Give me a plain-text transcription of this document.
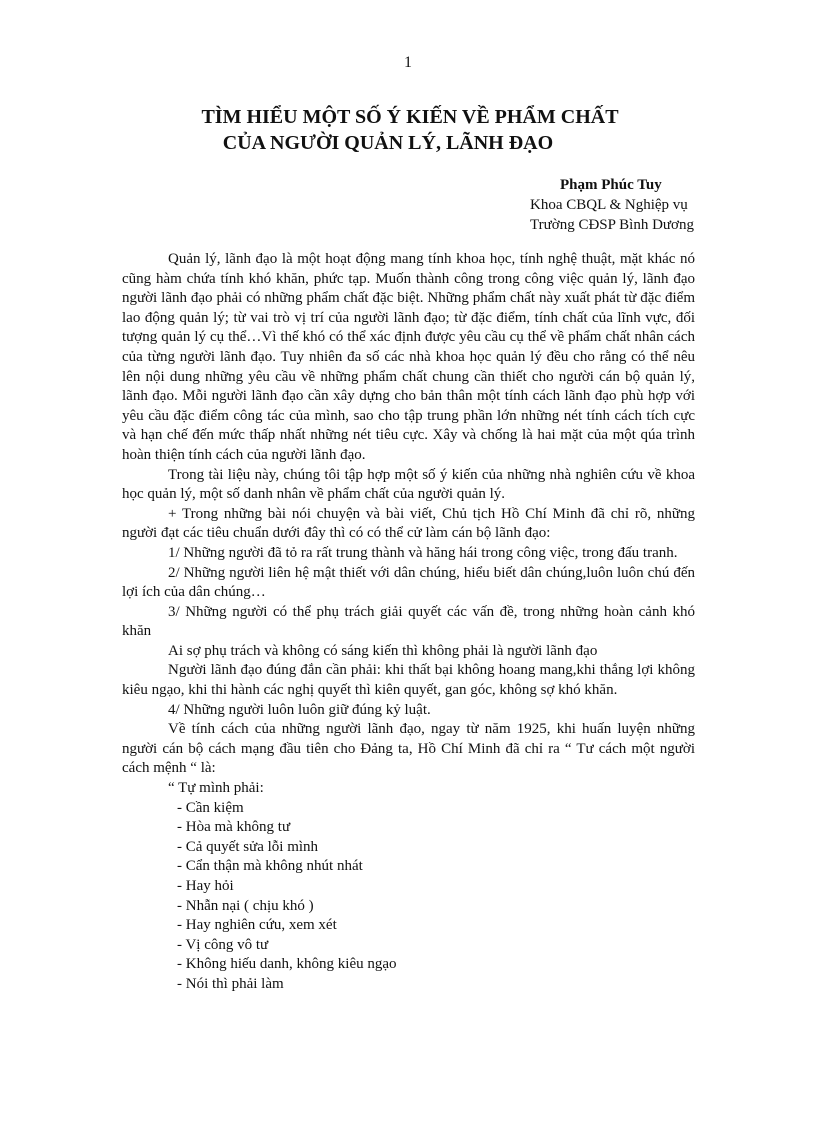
1
TÌM HIỂU MỘT SỐ Ý KIẾN VỀ PHẨM CHẤT
CỦA NGƯỜI QUẢN LÝ, LÃNH ĐẠO
Phạm Phúc Tuy
Khoa CBQL & Nghiệp vụ
Trường CĐSP Bình Dương

Quản lý, lãnh đạo là một hoạt động mang tính khoa học, tính nghệ thuật, mặt khác nó cũng hàm chứa tính khó khăn, phức tạp. Muốn thành công trong công việc quản lý, lãnh đạo người lãnh đạo phải có những phẩm chất đặc biệt. Những phẩm chất này xuất phát từ đặc điểm lao động quản lý; từ vai trò vị trí của người lãnh đạo; từ đặc điểm, tính chất của lĩnh vực, đối tượng quản lý cụ thể…Vì thế khó có thể xác định được yêu cầu cụ thể về phẩm chất nhân cách của từng người lãnh đạo. Tuy nhiên đa số các nhà khoa học quản lý đều cho rằng có thể nêu lên nội dung những yêu cầu về những phẩm chất chung cần thiết cho người cán bộ quản lý, lãnh đạo. Mỗi người lãnh đạo cần xây dựng cho bản thân một tính cách lãnh đạo phù hợp với yêu cầu đặc điểm công tác của mình, sao cho tập trung phần lớn những nét tính cách tích cực và hạn chế đến mức thấp nhất những nét tiêu cực. Xây và chống là hai mặt của một qúa trình hoàn thiện tính cách của người lãnh đạo.

Trong tài liệu này, chúng tôi tập hợp một số ý kiến của những nhà nghiên cứu về khoa học quản lý, một số danh nhân về phẩm chất của người quản lý.

+ Trong những bài nói chuyện và bài viết, Chủ tịch Hồ Chí Minh đã chỉ rõ, những người đạt các tiêu chuẩn dưới đây thì có có thể cử làm cán bộ lãnh đạo:

1/ Những người đã tỏ ra rất trung thành và hăng hái trong công việc, trong đấu tranh.

2/ Những người liên hệ mật thiết với dân chúng, hiểu biết dân chúng,luôn luôn chú đến lợi ích của dân chúng…

3/ Những người có thể phụ trách giải quyết các vấn đề, trong những hoàn cảnh khó khăn

Ai sợ phụ trách và không có sáng kiến thì không phải là người lãnh đạo

Người lãnh đạo đúng đắn cần phải: khi thất bại không hoang mang,khi thắng lợi không kiêu ngạo, khi thi hành các nghị quyết thì kiên quyết, gan góc, không sợ khó khăn.

4/ Những người luôn luôn giữ đúng kỷ luật.

Về tính cách của những người lãnh đạo, ngay từ năm 1925, khi huấn luyện những người cán bộ cách mạng đầu tiên cho Đảng ta, Hồ Chí Minh đã chỉ ra “ Tư cách một người cách mệnh “ là:

“ Tự mình phải:

- Cần kiệm
- Hòa mà không tư
- Cả quyết sửa lỗi mình
- Cẩn thận mà không nhút nhát
- Hay hỏi
- Nhẫn nại ( chịu khó )
- Hay nghiên cứu, xem xét
- Vị công vô tư
- Không hiếu danh, không kiêu ngạo
- Nói thì phải làm
